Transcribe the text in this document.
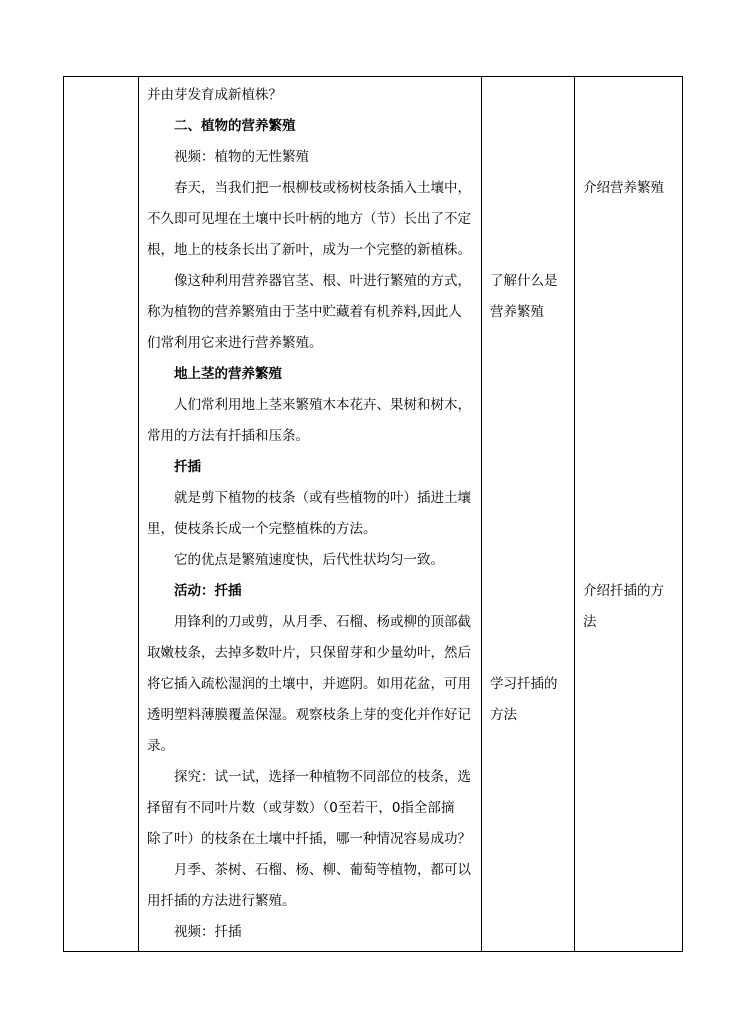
并由芽发育成新植株？
二、植物的营养繁殖
视频：植物的无性繁殖
春天，当我们把一根柳枝或杨树枝条插入土壤中，
不久即可见埋在土壤中长叶柄的地方（节）长出了不定
根，地上的枝条长出了新叶，成为一个完整的新植株。
像这种利用营养器官茎、根、叶进行繁殖的方式，
称为植物的营养繁殖由于茎中贮藏着有机养料,因此人
们常利用它来进行营养繁殖。
地上茎的营养繁殖
人们常利用地上茎来繁殖木本花卉、果树和树木，
常用的方法有扦插和压条。
扦插
就是剪下植物的枝条（或有些植物的叶）插进土壤
里，使枝条长成一个完整植株的方法。
它的优点是繁殖速度快，后代性状均匀一致。
活动：扦插
用锋利的刀或剪，从月季、石榴、杨或柳的顶部截
取嫩枝条，去掉多数叶片，只保留芽和少量幼叶，然后
将它插入疏松湿润的土壤中，并遮阴。如用花盆，可用
透明塑料薄膜覆盖保湿。观察枝条上芽的变化并作好记
录。
探究：试一试，选择一种植物不同部位的枝条，选
择留有不同叶片数（或芽数）（0至若干，0指全部摘
除了叶）的枝条在土壤中扦插，哪一种情况容易成功？
月季、茶树、石榴、杨、柳、葡萄等植物，都可以
用扦插的方法进行繁殖。
视频：扦插
了解什么是
营养繁殖
学习扦插的
方法
介绍营养繁殖
介绍扦插的方
法
